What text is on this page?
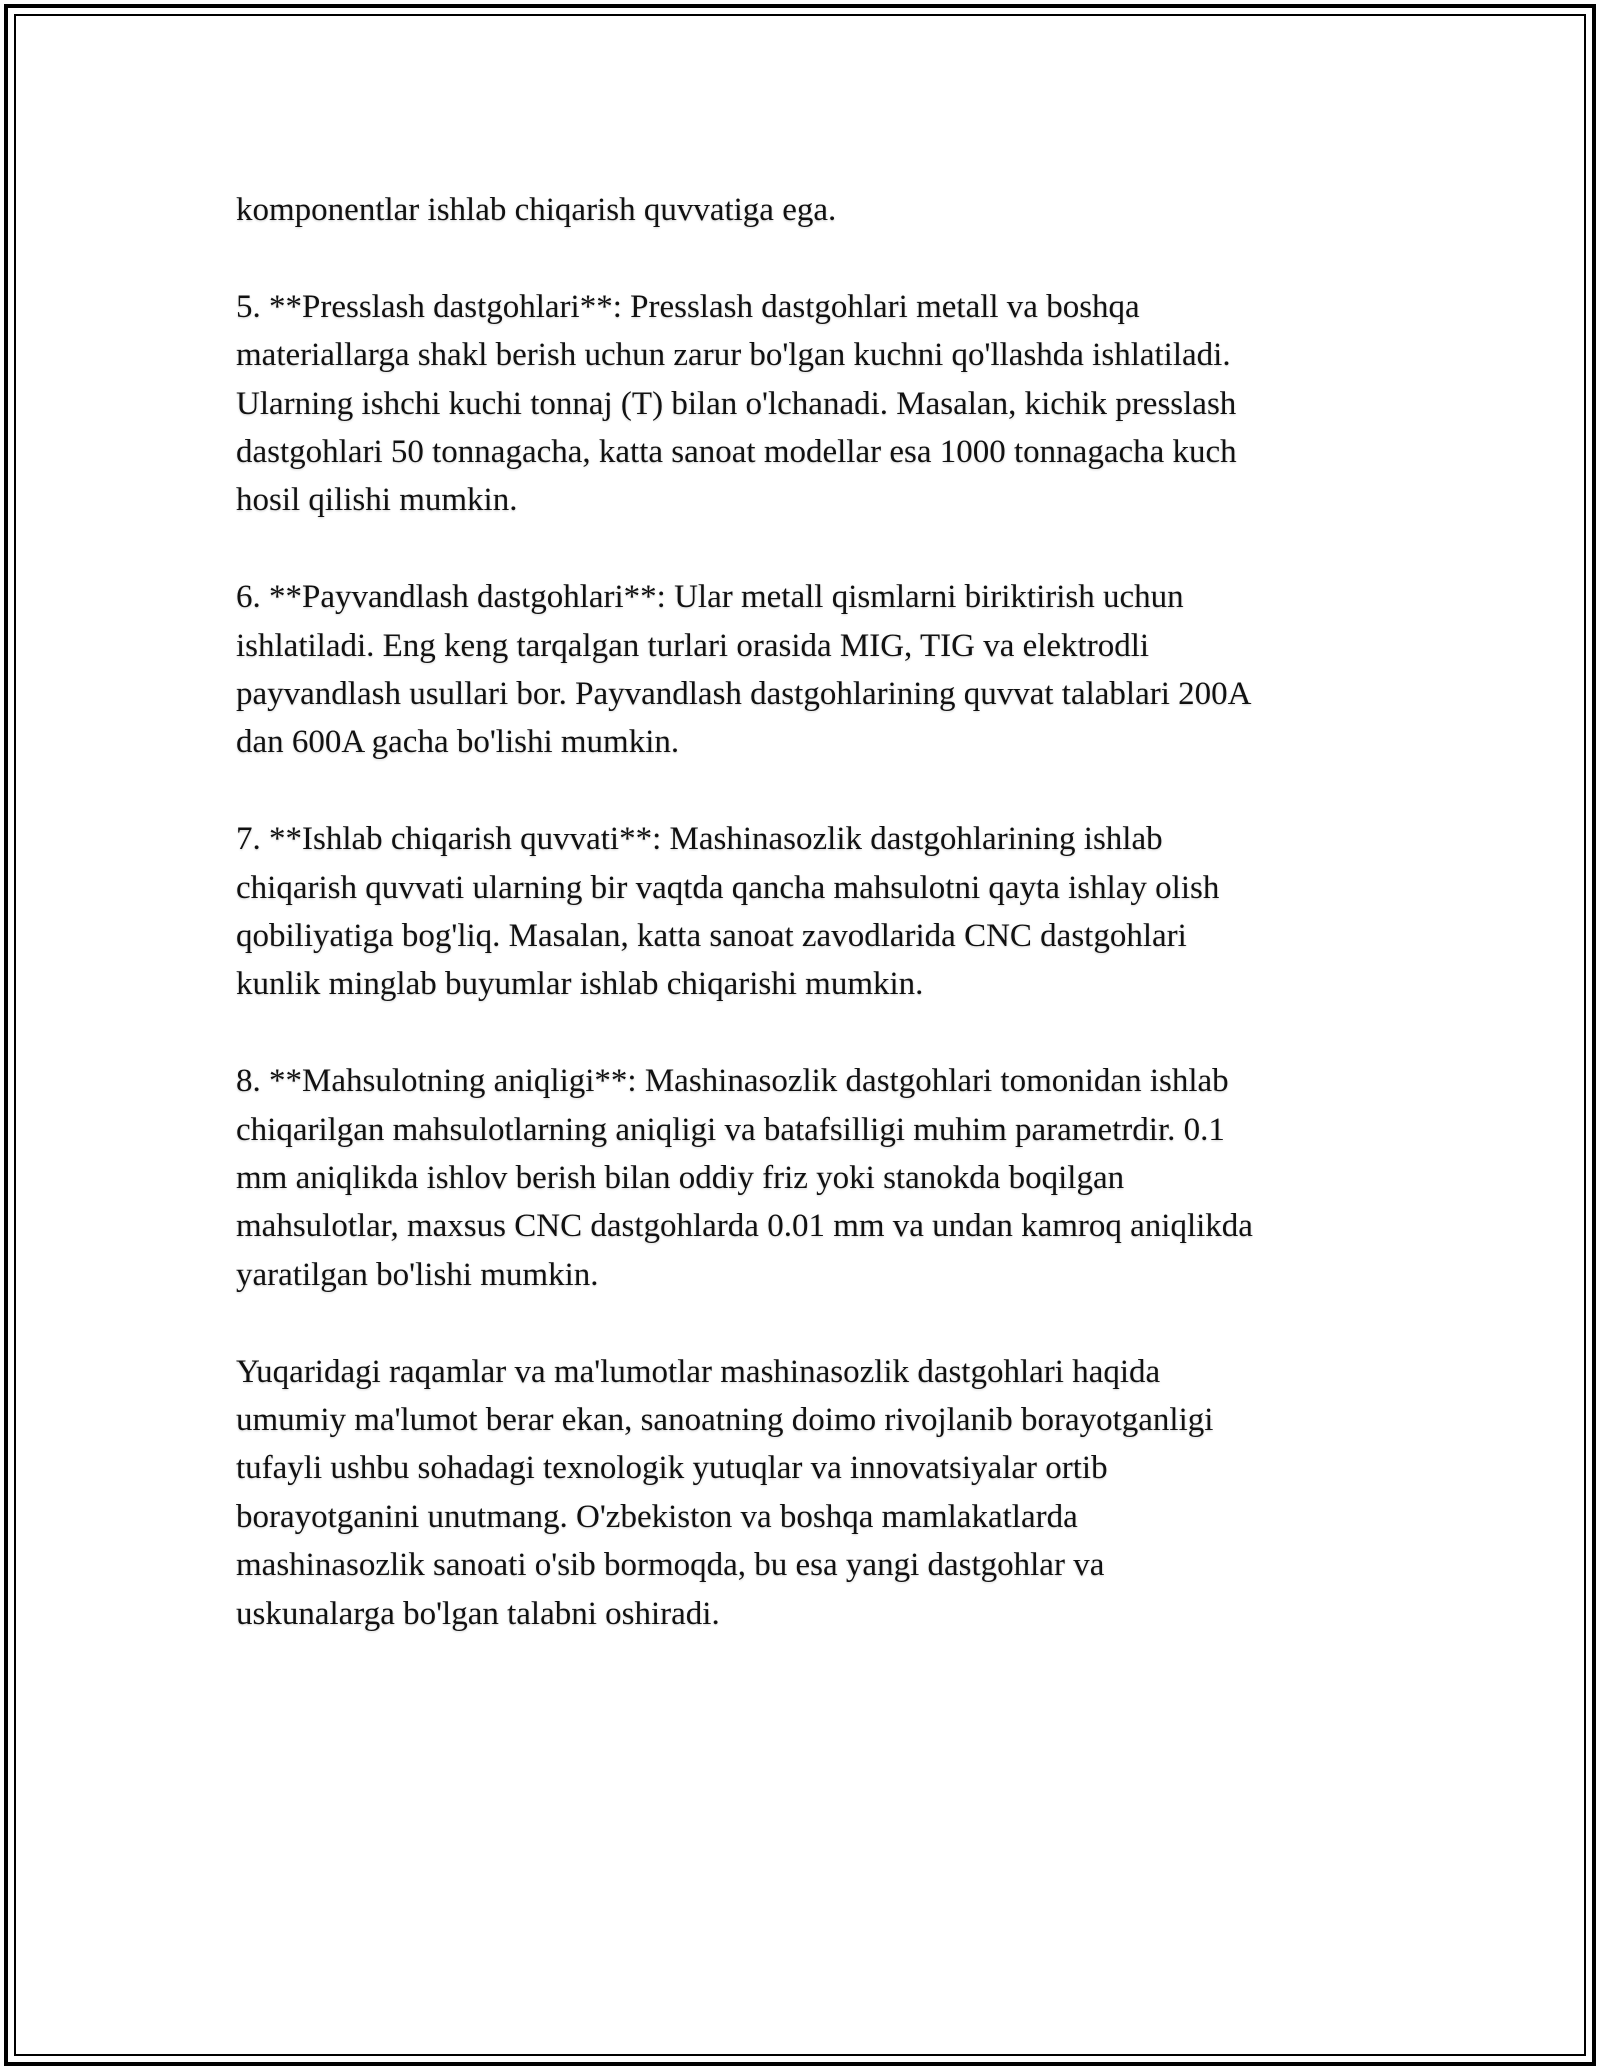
komponentlar ishlab chiqarish quvvatiga ega.

5. **Presslash dastgohlari**: Presslash dastgohlari metall va boshqa
materiallarga shakl berish uchun zarur bo'lgan kuchni qo'llashda ishlatiladi.
Ularning ishchi kuchi tonnaj (T) bilan o'lchanadi. Masalan, kichik presslash
dastgohlari 50 tonnagacha, katta sanoat modellar esa 1000 tonnagacha kuch
hosil qilishi mumkin.

6. **Payvandlash dastgohlari**: Ular metall qismlarni biriktirish uchun
ishlatiladi. Eng keng tarqalgan turlari orasida MIG, TIG va elektrodli
payvandlash usullari bor. Payvandlash dastgohlarining quvvat talablari 200A
dan 600A gacha bo'lishi mumkin.

7. **Ishlab chiqarish quvvati**: Mashinasozlik dastgohlarining ishlab
chiqarish quvvati ularning bir vaqtda qancha mahsulotni qayta ishlay olish
qobiliyatiga bog'liq. Masalan, katta sanoat zavodlarida CNC dastgohlari
kunlik minglab buyumlar ishlab chiqarishi mumkin.

8. **Mahsulotning aniqligi**: Mashinasozlik dastgohlari tomonidan ishlab
chiqarilgan mahsulotlarning aniqligi va batafsilligi muhim parametrdir. 0.1
mm aniqlikda ishlov berish bilan oddiy friz yoki stanokda boqilgan
mahsulotlar, maxsus CNC dastgohlarda 0.01 mm va undan kamroq aniqlikda
yaratilgan bo'lishi mumkin.

Yuqaridagi raqamlar va ma'lumotlar mashinasozlik dastgohlari haqida
umumiy ma'lumot berar ekan, sanoatning doimo rivojlanib borayotganligi
tufayli ushbu sohadagi texnologik yutuqlar va innovatsiyalar ortib
borayotganini unutmang. O'zbekiston va boshqa mamlakatlarda
mashinasozlik sanoati o'sib bormoqda, bu esa yangi dastgohlar va
uskunalarga bo'lgan talabni oshiradi.
